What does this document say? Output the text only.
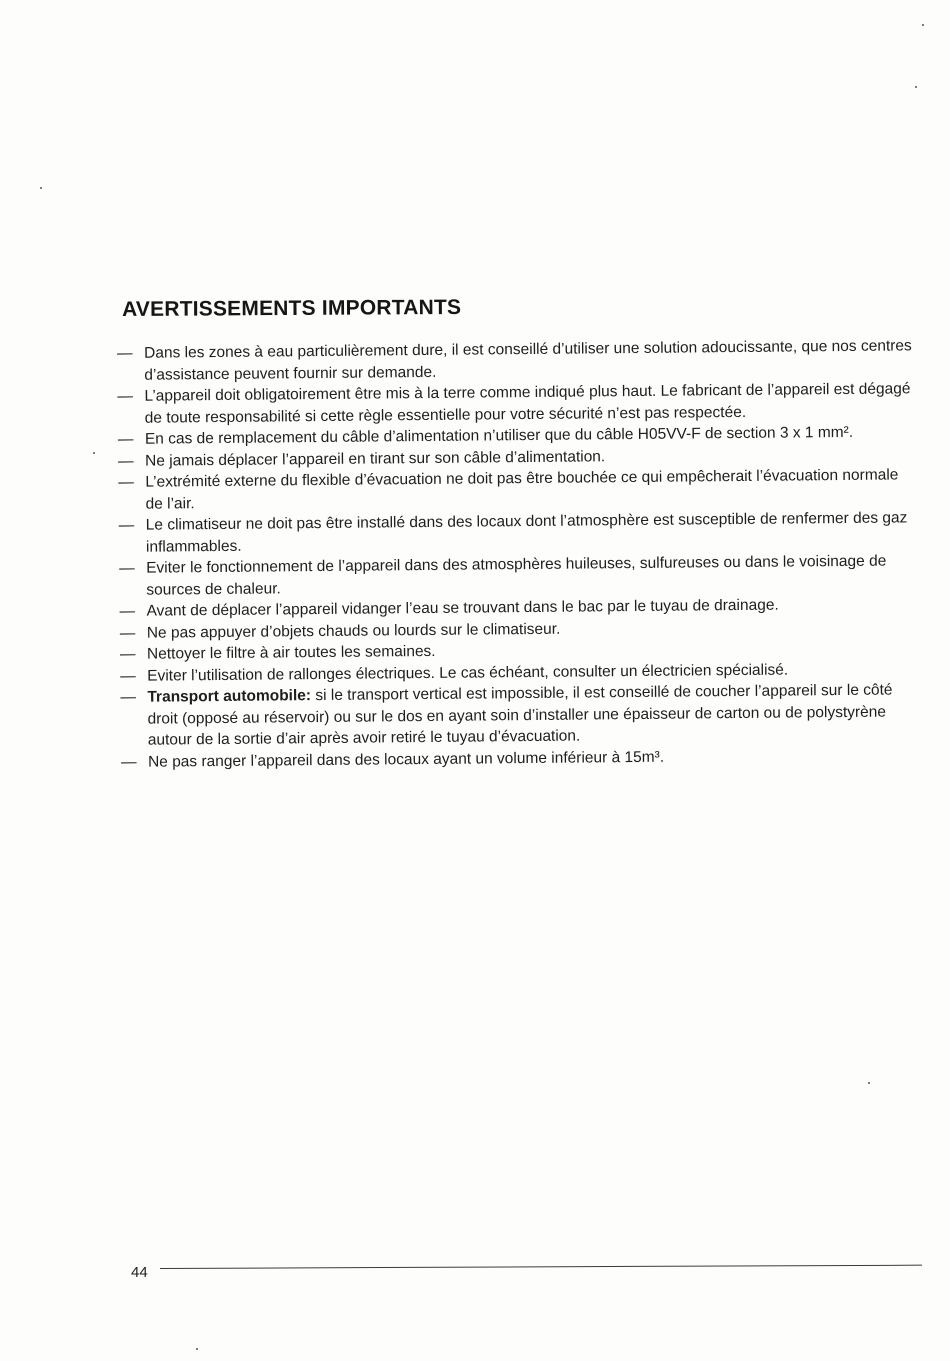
AVERTISSEMENTS IMPORTANTS
— Dans les zones à eau particulièrement dure, il est conseillé d’utiliser une solution adoucissante, que nos centres d’assistance peuvent fournir sur demande.
— L’appareil doit obligatoirement être mis à la terre comme indiqué plus haut. Le fabricant de l’appareil est dégagé de toute responsabilité si cette règle essentielle pour votre sécurité n’est pas respectée.
— En cas de remplacement du câble d’alimentation n’utiliser que du câble H05VV-F de section 3 x 1 mm².
— Ne jamais déplacer l’appareil en tirant sur son câble d’alimentation.
— L’extrémité externe du flexible d’évacuation ne doit pas être bouchée ce qui empêcherait l’évacuation normale de l’air.
— Le climatiseur ne doit pas être installé dans des locaux dont l’atmosphère est susceptible de renfermer des gaz inflammables.
— Eviter le fonctionnement de l’appareil dans des atmosphères huileuses, sulfureuses ou dans le voisinage de sources de chaleur.
— Avant de déplacer l’appareil vidanger l’eau se trouvant dans le bac par le tuyau de drainage.
— Ne pas appuyer d’objets chauds ou lourds sur le climatiseur.
— Nettoyer le filtre à air toutes les semaines.
— Eviter l’utilisation de rallonges électriques. Le cas échéant, consulter un électricien spécialisé.
— Transport automobile: si le transport vertical est impossible, il est conseillé de coucher l’appareil sur le côté droit (opposé au réservoir) ou sur le dos en ayant soin d’installer une épaisseur de carton ou de polystyrène autour de la sortie d’air après avoir retiré le tuyau d’évacuation.
— Ne pas ranger l’appareil dans des locaux ayant un volume inférieur à 15m³.
44
